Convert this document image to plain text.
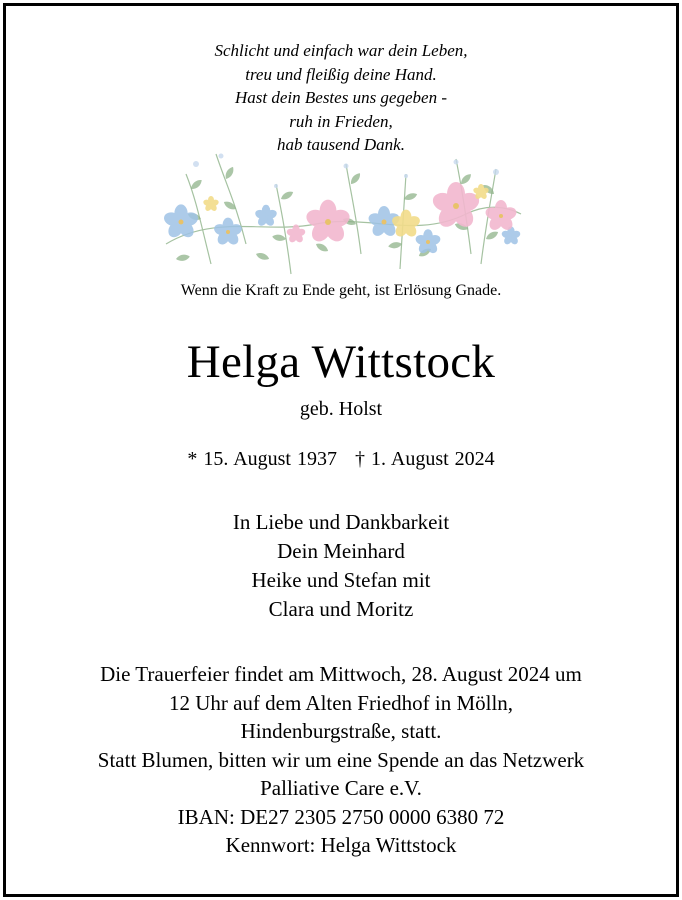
Schlicht und einfach war dein Leben,
treu und fleißig deine Hand.
Hast dein Bestes uns gegeben -
ruh in Frieden,
hab tausend Dank.
Wenn die Kraft zu Ende geht, ist Erlösung Gnade.
Helga Wittstock
geb. Holst
* 15. August 1937 † 1. August 2024
In Liebe und Dankbarkeit
Dein Meinhard
Heike und Stefan mit
Clara und Moritz
Die Trauerfeier findet am Mittwoch, 28. August 2024 um
12 Uhr auf dem Alten Friedhof in Mölln,
Hindenburgstraße, statt.
Statt Blumen, bitten wir um eine Spende an das Netzwerk
Palliative Care e.V.
IBAN: DE27 2305 2750 0000 6380 72
Kennwort: Helga Wittstock
